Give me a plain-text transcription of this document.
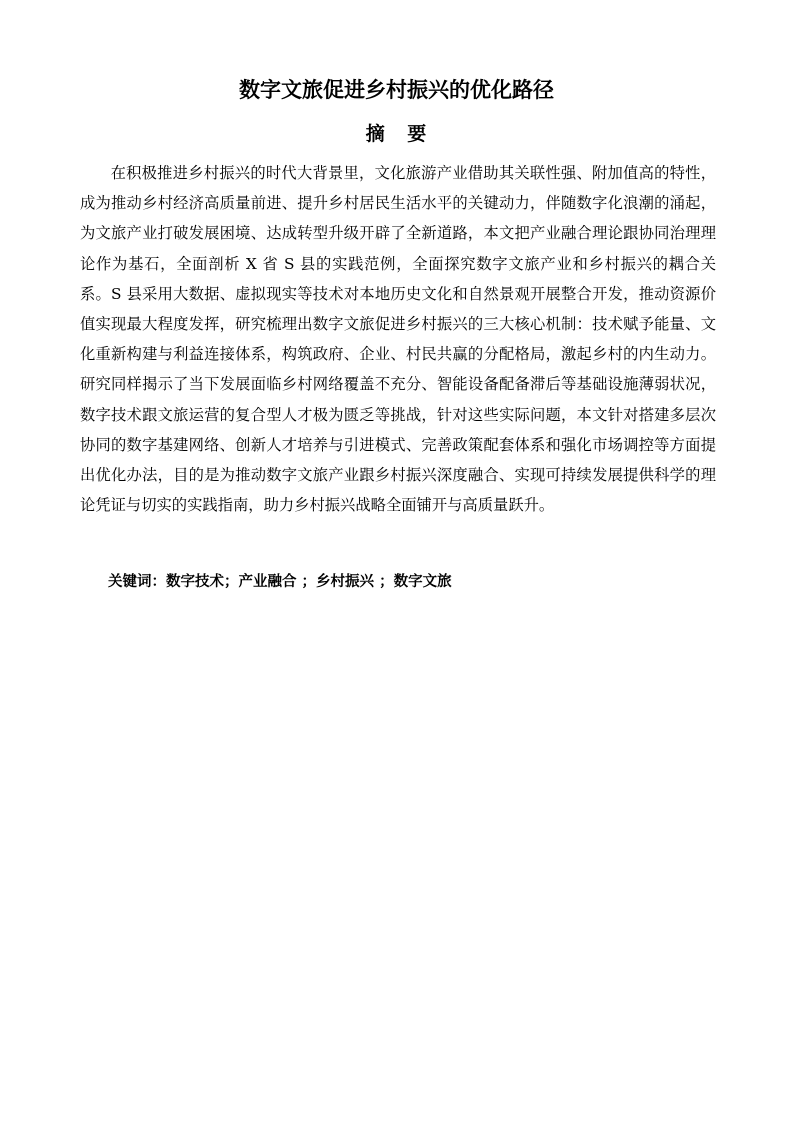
数字文旅促进乡村振兴的优化路径
摘 要

在积极推进乡村振兴的时代大背景里，文化旅游产业借助其关联性强、附加值高的特性，成为推动乡村经济高质量前进、提升乡村居民生活水平的关键动力，伴随数字化浪潮的涌起，为文旅产业打破发展困境、达成转型升级开辟了全新道路，本文把产业融合理论跟协同治理理论作为基石，全面剖析 X 省 S 县的实践范例，全面探究数字文旅产业和乡村振兴的耦合关系。S 县采用大数据、虚拟现实等技术对本地历史文化和自然景观开展整合开发，推动资源价值实现最大程度发挥，研究梳理出数字文旅促进乡村振兴的三大核心机制：技术赋予能量、文化重新构建与利益连接体系，构筑政府、企业、村民共赢的分配格局，激起乡村的内生动力。研究同样揭示了当下发展面临乡村网络覆盖不充分、智能设备配备滞后等基础设施薄弱状况，数字技术跟文旅运营的复合型人才极为匮乏等挑战，针对这些实际问题，本文针对搭建多层次协同的数字基建网络、创新人才培养与引进模式、完善政策配套体系和强化市场调控等方面提出优化办法，目的是为推动数字文旅产业跟乡村振兴深度融合、实现可持续发展提供科学的理论凭证与切实的实践指南，助力乡村振兴战略全面铺开与高质量跃升。

关键词：数字技术；产业融合 ；乡村振兴 ；数字文旅
